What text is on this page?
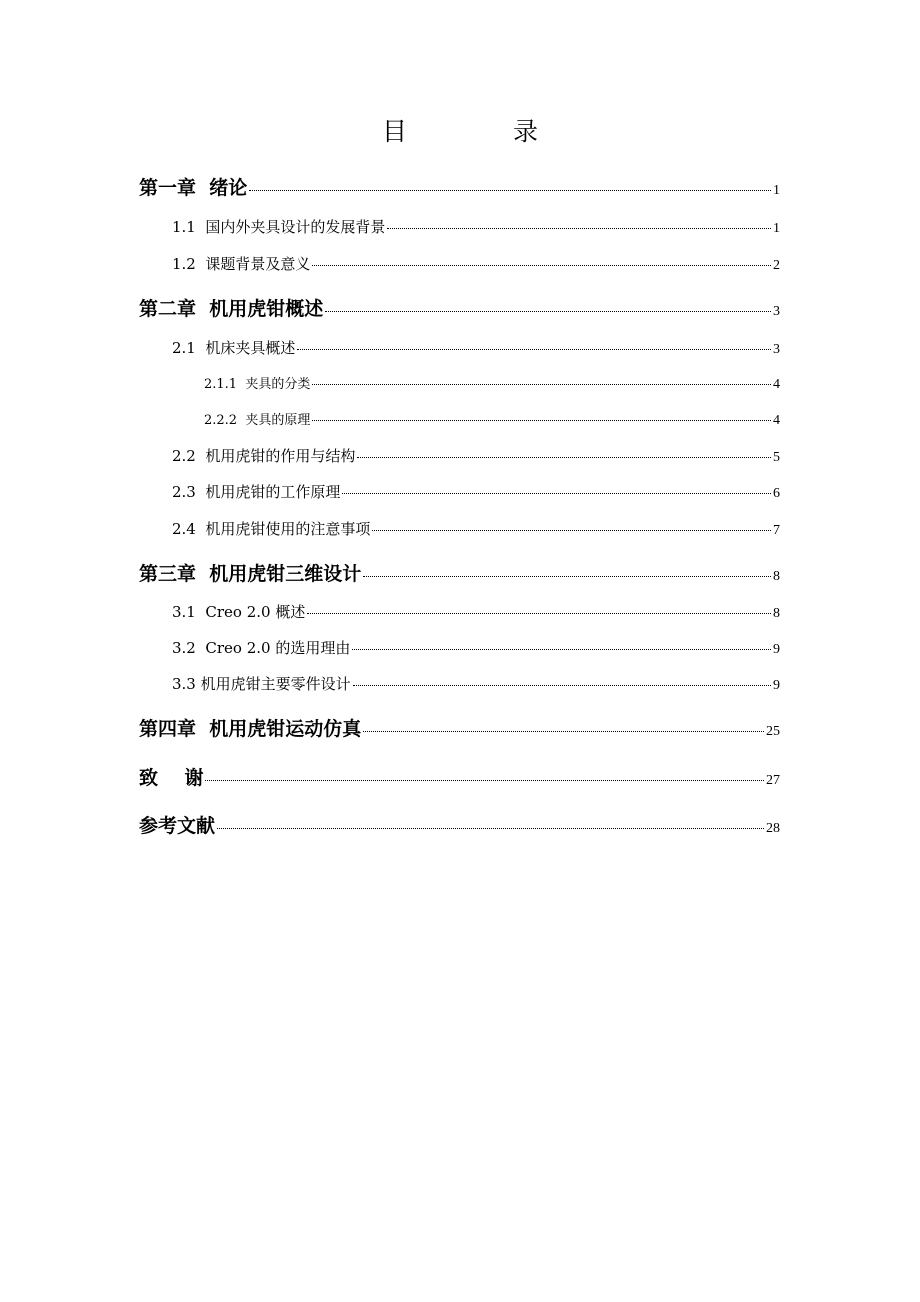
目  录
第一章  绪论	1
1.1  国内外夹具设计的发展背景	1
1.2  课题背景及意义	2
第二章  机用虎钳概述	3
2.1  机床夹具概述	3
2.1.1  夹具的分类	4
2.2.2  夹具的原理	4
2.2  机用虎钳的作用与结构	5
2.3  机用虎钳的工作原理	6
2.4  机用虎钳使用的注意事项	7
第三章  机用虎钳三维设计	8
3.1  Creo 2.0 概述	8
3.2  Creo 2.0 的选用理由	9
3.3 机用虎钳主要零件设计	9
第四章  机用虎钳运动仿真	25
致    谢	27
参考文献	28
